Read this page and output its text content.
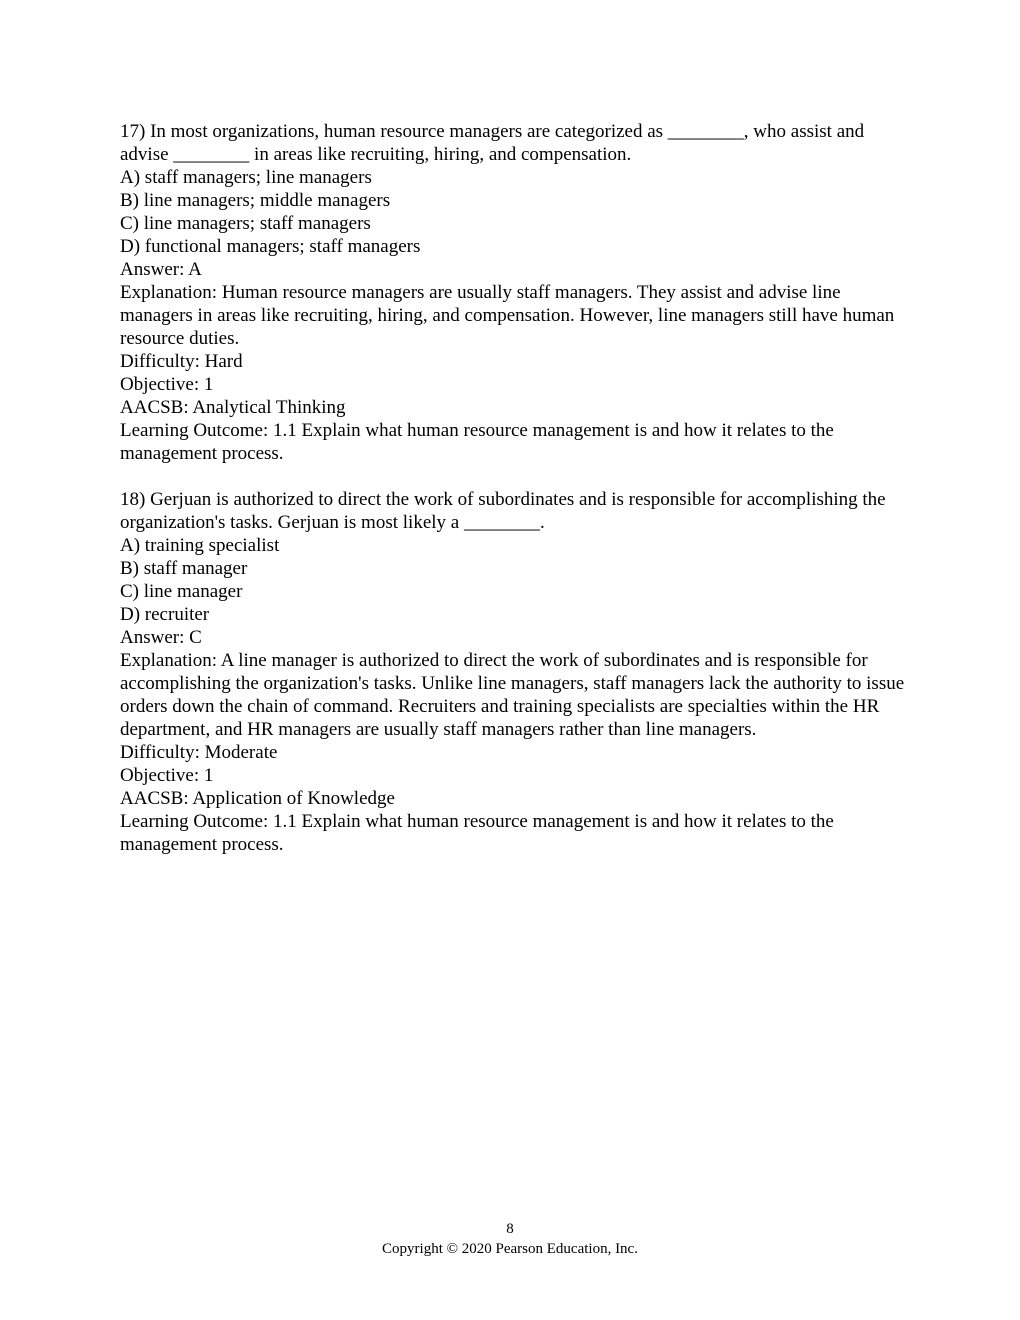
17) In most organizations, human resource managers are categorized as ________, who assist and advise ________ in areas like recruiting, hiring, and compensation.

A) staff managers; line managers

B) line managers; middle managers

C) line managers; staff managers

D) functional managers; staff managers

Answer: A

Explanation: Human resource managers are usually staff managers. They assist and advise line managers in areas like recruiting, hiring, and compensation. However, line managers still have human resource duties.

Difficulty: Hard

Objective: 1

AACSB: Analytical Thinking

Learning Outcome: 1.1 Explain what human resource management is and how it relates to the management process.

18) Gerjuan is authorized to direct the work of subordinates and is responsible for accomplishing the organization's tasks. Gerjuan is most likely a ________.

A) training specialist

B) staff manager

C) line manager

D) recruiter

Answer: C

Explanation: A line manager is authorized to direct the work of subordinates and is responsible for accomplishing the organization's tasks. Unlike line managers, staff managers lack the authority to issue orders down the chain of command. Recruiters and training specialists are specialties within the HR department, and HR managers are usually staff managers rather than line managers.

Difficulty: Moderate

Objective: 1

AACSB: Application of Knowledge

Learning Outcome: 1.1 Explain what human resource management is and how it relates to the management process.

8
Copyright © 2020 Pearson Education, Inc.
